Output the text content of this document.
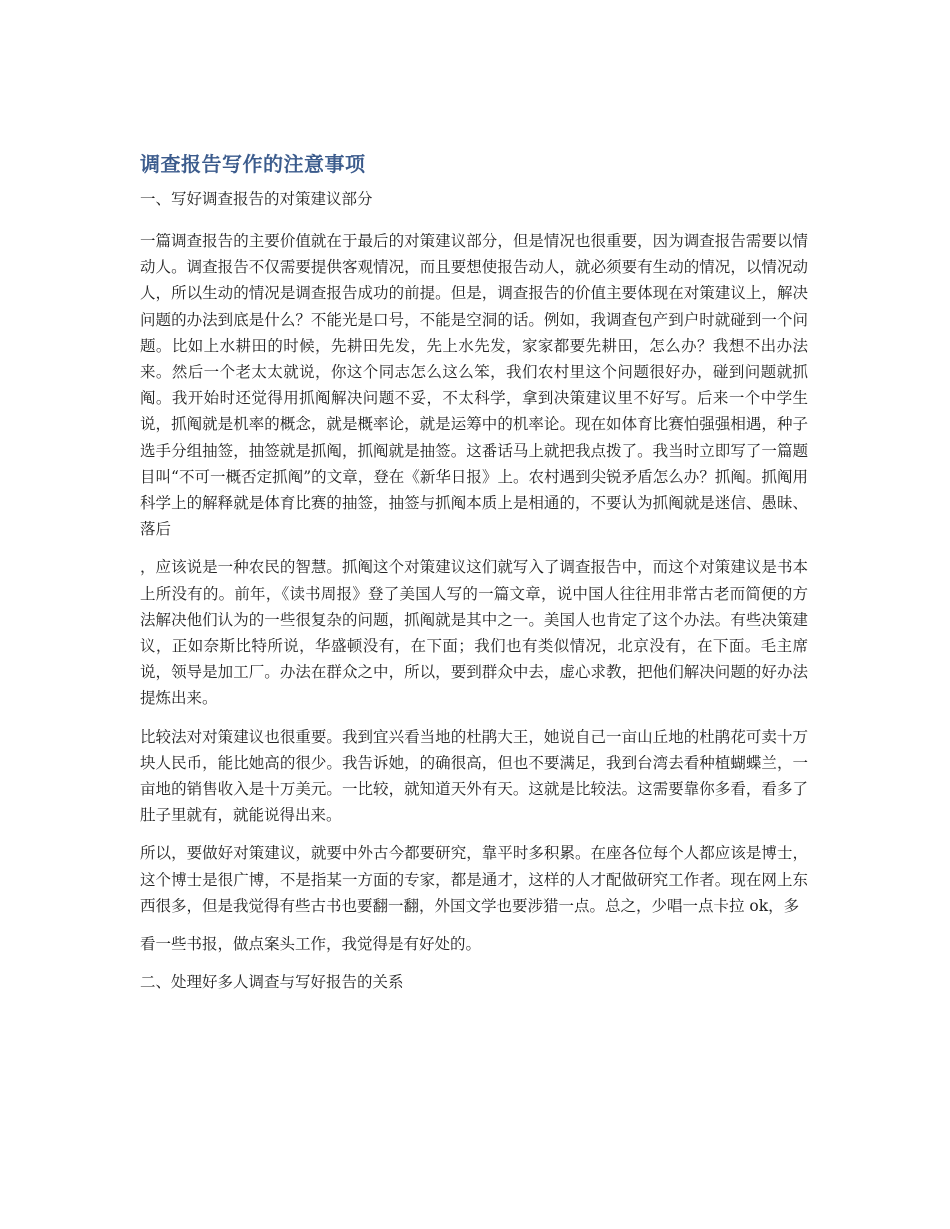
调查报告写作的注意事项
一、写好调查报告的对策建议部分

一篇调查报告的主要价值就在于最后的对策建议部分，但是情况也很重要，因为调查报告需要以情动人。调查报告不仅需要提供客观情况，而且要想使报告动人，就必须要有生动的情况，以情况动人，所以生动的情况是调查报告成功的前提。但是，调查报告的价值主要体现在对策建议上，解决问题的办法到底是什么？不能光是口号，不能是空洞的话。例如，我调查包产到户时就碰到一个问题。比如上水耕田的时候，先耕田先发，先上水先发，家家都要先耕田，怎么办？我想不出办法来。然后一个老太太就说，你这个同志怎么这么笨，我们农村里这个问题很好办，碰到问题就抓阄。我开始时还觉得用抓阄解决问题不妥，不太科学，拿到决策建议里不好写。后来一个中学生说，抓阄就是机率的概念，就是概率论，就是运筹中的机率论。现在如体育比赛怕强强相遇，种子选手分组抽签，抽签就是抓阄，抓阄就是抽签。这番话马上就把我点拨了。我当时立即写了一篇题目叫“不可一概否定抓阄”的文章，登在《新华日报》上。农村遇到尖锐矛盾怎么办？抓阄。抓阄用科学上的解释就是体育比赛的抽签，抽签与抓阄本质上是相通的，不要认为抓阄就是迷信、愚昧、落后

，应该说是一种农民的智慧。抓阄这个对策建议这们就写入了调查报告中，而这个对策建议是书本上所没有的。前年，《读书周报》登了美国人写的一篇文章，说中国人往往用非常古老而简便的方法解决他们认为的一些很复杂的问题，抓阄就是其中之一。美国人也肯定了这个办法。有些决策建议，正如奈斯比特所说，华盛顿没有，在下面；我们也有类似情况，北京没有，在下面。毛主席说，领导是加工厂。办法在群众之中，所以，要到群众中去，虚心求教，把他们解决问题的好办法提炼出来。

比较法对对策建议也很重要。我到宜兴看当地的杜鹃大王，她说自己一亩山丘地的杜鹃花可卖十万块人民币，能比她高的很少。我告诉她，的确很高，但也不要满足，我到台湾去看种植蝴蝶兰，一亩地的销售收入是十万美元。一比较，就知道天外有天。这就是比较法。这需要靠你多看，看多了肚子里就有，就能说得出来。

所以，要做好对策建议，就要中外古今都要研究，靠平时多积累。在座各位每个人都应该是博士，这个博士是很广博，不是指某一方面的专家，都是通才，这样的人才配做研究工作者。现在网上东西很多，但是我觉得有些古书也要翻一翻，外国文学也要涉猎一点。总之，少唱一点卡拉 ok，多

看一些书报，做点案头工作，我觉得是有好处的。

二、处理好多人调查与写好报告的关系
